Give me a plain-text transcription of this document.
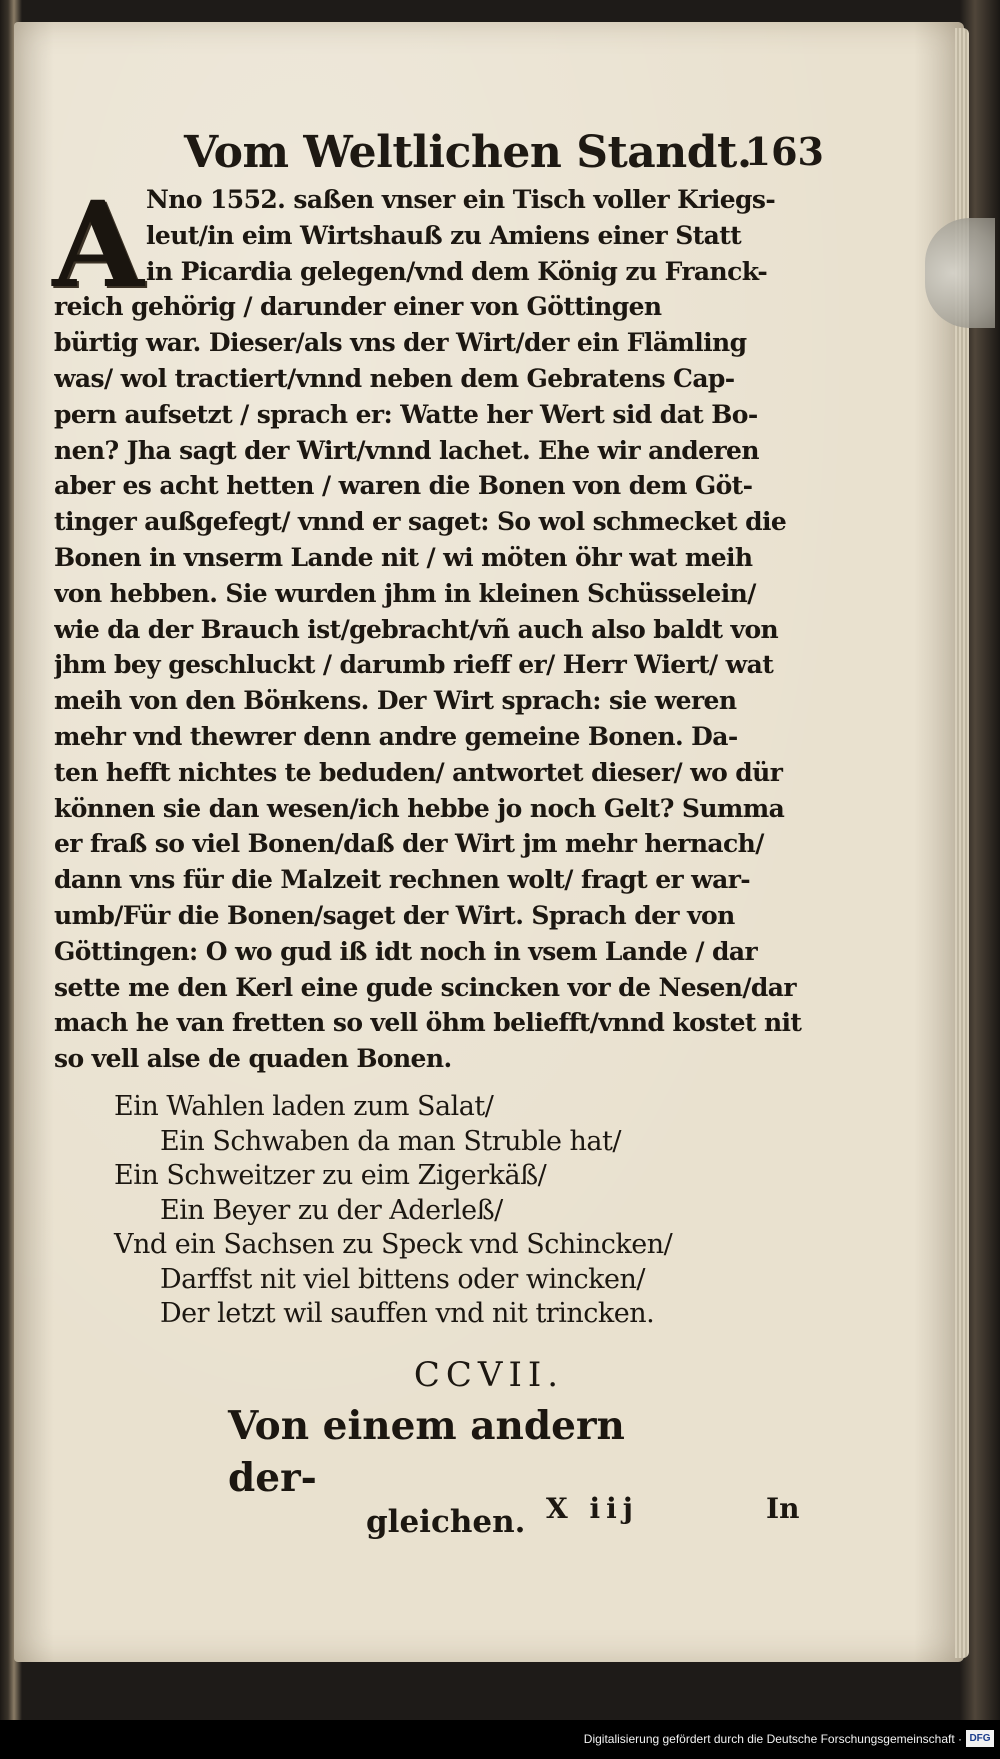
Vom Weltlichen Standt.
163
A Nno 1552. saßen vnser ein Tisch voller Kriegs-
leut/in eim Wirtshauß zu Amiens einer Statt
in Picardia gelegen/vnd dem König zu Franck-
reich gehörig / darunder einer von Göttingen
bürtig war. Dieser/als vns der Wirt/der ein Flämling
was/ wol tractiert/vnnd neben dem Gebratens Cap-
pern aufsetzt / sprach er: Watte her Wert sid dat Bo-
nen? Jha sagt der Wirt/vnnd lachet. Ehe wir anderen
aber es acht hetten / waren die Bonen von dem Göt-
tinger außgefegt/ vnnd er saget: So wol schmecket die
Bonen in vnserm Lande nit / wi möten öhr wat meih
von hebben. Sie wurden jhm in kleinen Schüsselein/
wie da der Brauch ist/gebracht/vñ auch also baldt von
jhm bey geschluckt / darumb rieff er/ Herr Wiert/ wat
meih von den Böнkens. Der Wirt sprach: sie weren
mehr vnd thewrer denn andre gemeine Bonen. Da-
ten hefft nichtes te beduden/ antwortet dieser/ wo dür
können sie dan wesen/ich hebbe jo noch Gelt? Summa
er fraß so viel Bonen/daß der Wirt jm mehr hernach/
dann vns für die Malzeit rechnen wolt/ fragt er war-
umb/Für die Bonen/saget der Wirt. Sprach der von
Göttingen: O wo gud iß idt noch in vsem Lande / dar
sette me den Kerl eine gude scincken vor de Nesen/dar
mach he van fretten so vell öhm beliefft/vnnd kostet nit
so vell alse de quaden Bonen.
Ein Wahlen laden zum Salat/
Ein Schwaben da man Struble hat/
Ein Schweitzer zu eim Zigerkäß/
Ein Beyer zu der Aderleß/
Vnd ein Sachsen zu Speck vnd Schincken/
Darffst nit viel bittens oder wincken/
Der letzt wil sauffen vnd nit trincken.
CCVII.
Von einem andern der-
gleichen. X iij	In
Digitalisierung gefördert durch die Deutsche Forschungsgemeinschaft · DFG
